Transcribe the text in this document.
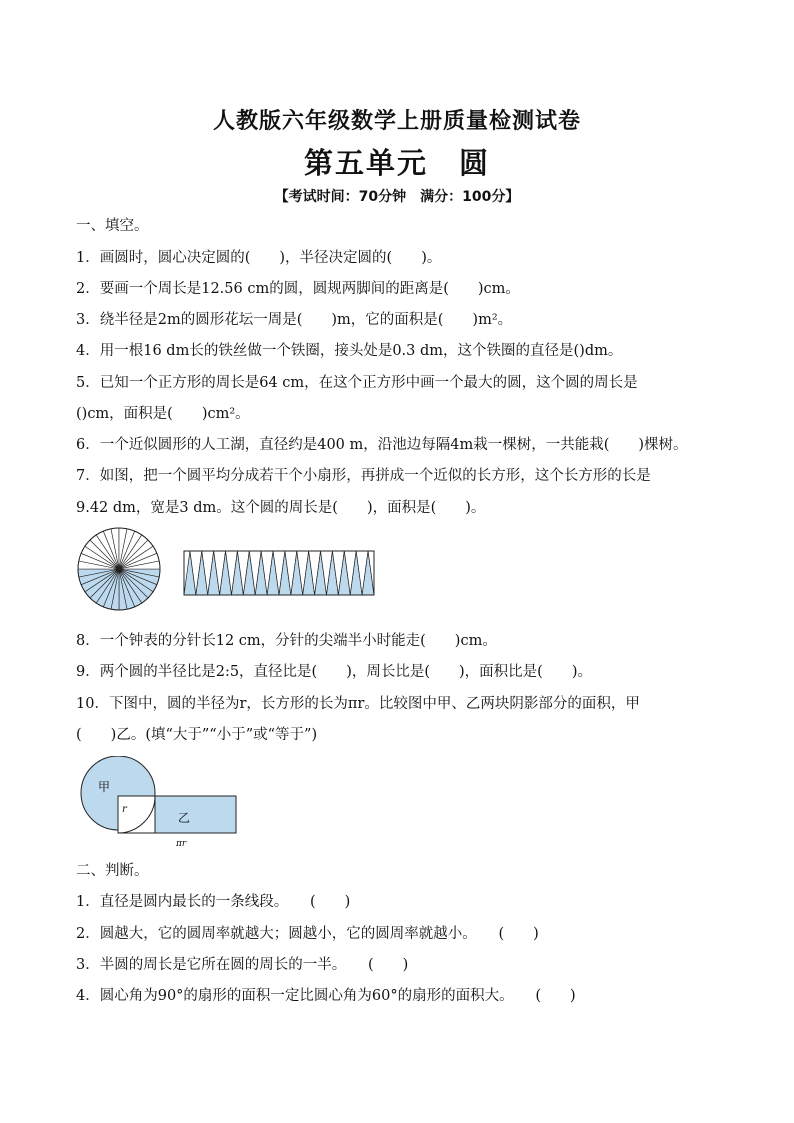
人教版六年级数学上册质量检测试卷
第五单元　圆
【考试时间：70分钟　满分：100分】
一、填空。
1．画圆时，圆心决定圆的(　　)，半径决定圆的(　　)。
2．要画一个周长是12.56 cm的圆，圆规两脚间的距离是(　　)cm。
3．绕半径是2m的圆形花坛一周是(　　)m，它的面积是(　　)m²。
4．用一根16 dm长的铁丝做一个铁圈，接头处是0.3 dm，这个铁圈的直径是()dm。
5．已知一个正方形的周长是64 cm，在这个正方形中画一个最大的圆，这个圆的周长是
()cm，面积是(　　)cm²。
6．一个近似圆形的人工湖，直径约是400 m，沿池边每隔4m栽一棵树，一共能栽(　　)棵树。
7．如图，把一个圆平均分成若干个小扇形，再拼成一个近似的长方形，这个长方形的长是
9.42 dm，宽是3 dm。这个圆的周长是(　　)，面积是(　　)。
8．一个钟表的分针长12 cm，分针的尖端半小时能走(　　)cm。
9．两个圆的半径比是2:5，直径比是(　　)，周长比是(　　)，面积比是(　　)。
10．下图中，圆的半径为r，长方形的长为πr。比较图中甲、乙两块阴影部分的面积，甲
(　　)乙。(填“大于”“小于”或“等于”)
甲
r
乙
πr
二、判断。
1．直径是圆内最长的一条线段。　　(　　)
2．圆越大，它的圆周率就越大；圆越小，它的圆周率就越小。　　(　　)
3．半圆的周长是它所在圆的周长的一半。　　(　　)
4．圆心角为90°的扇形的面积一定比圆心角为60°的扇形的面积大。　　(　　)
